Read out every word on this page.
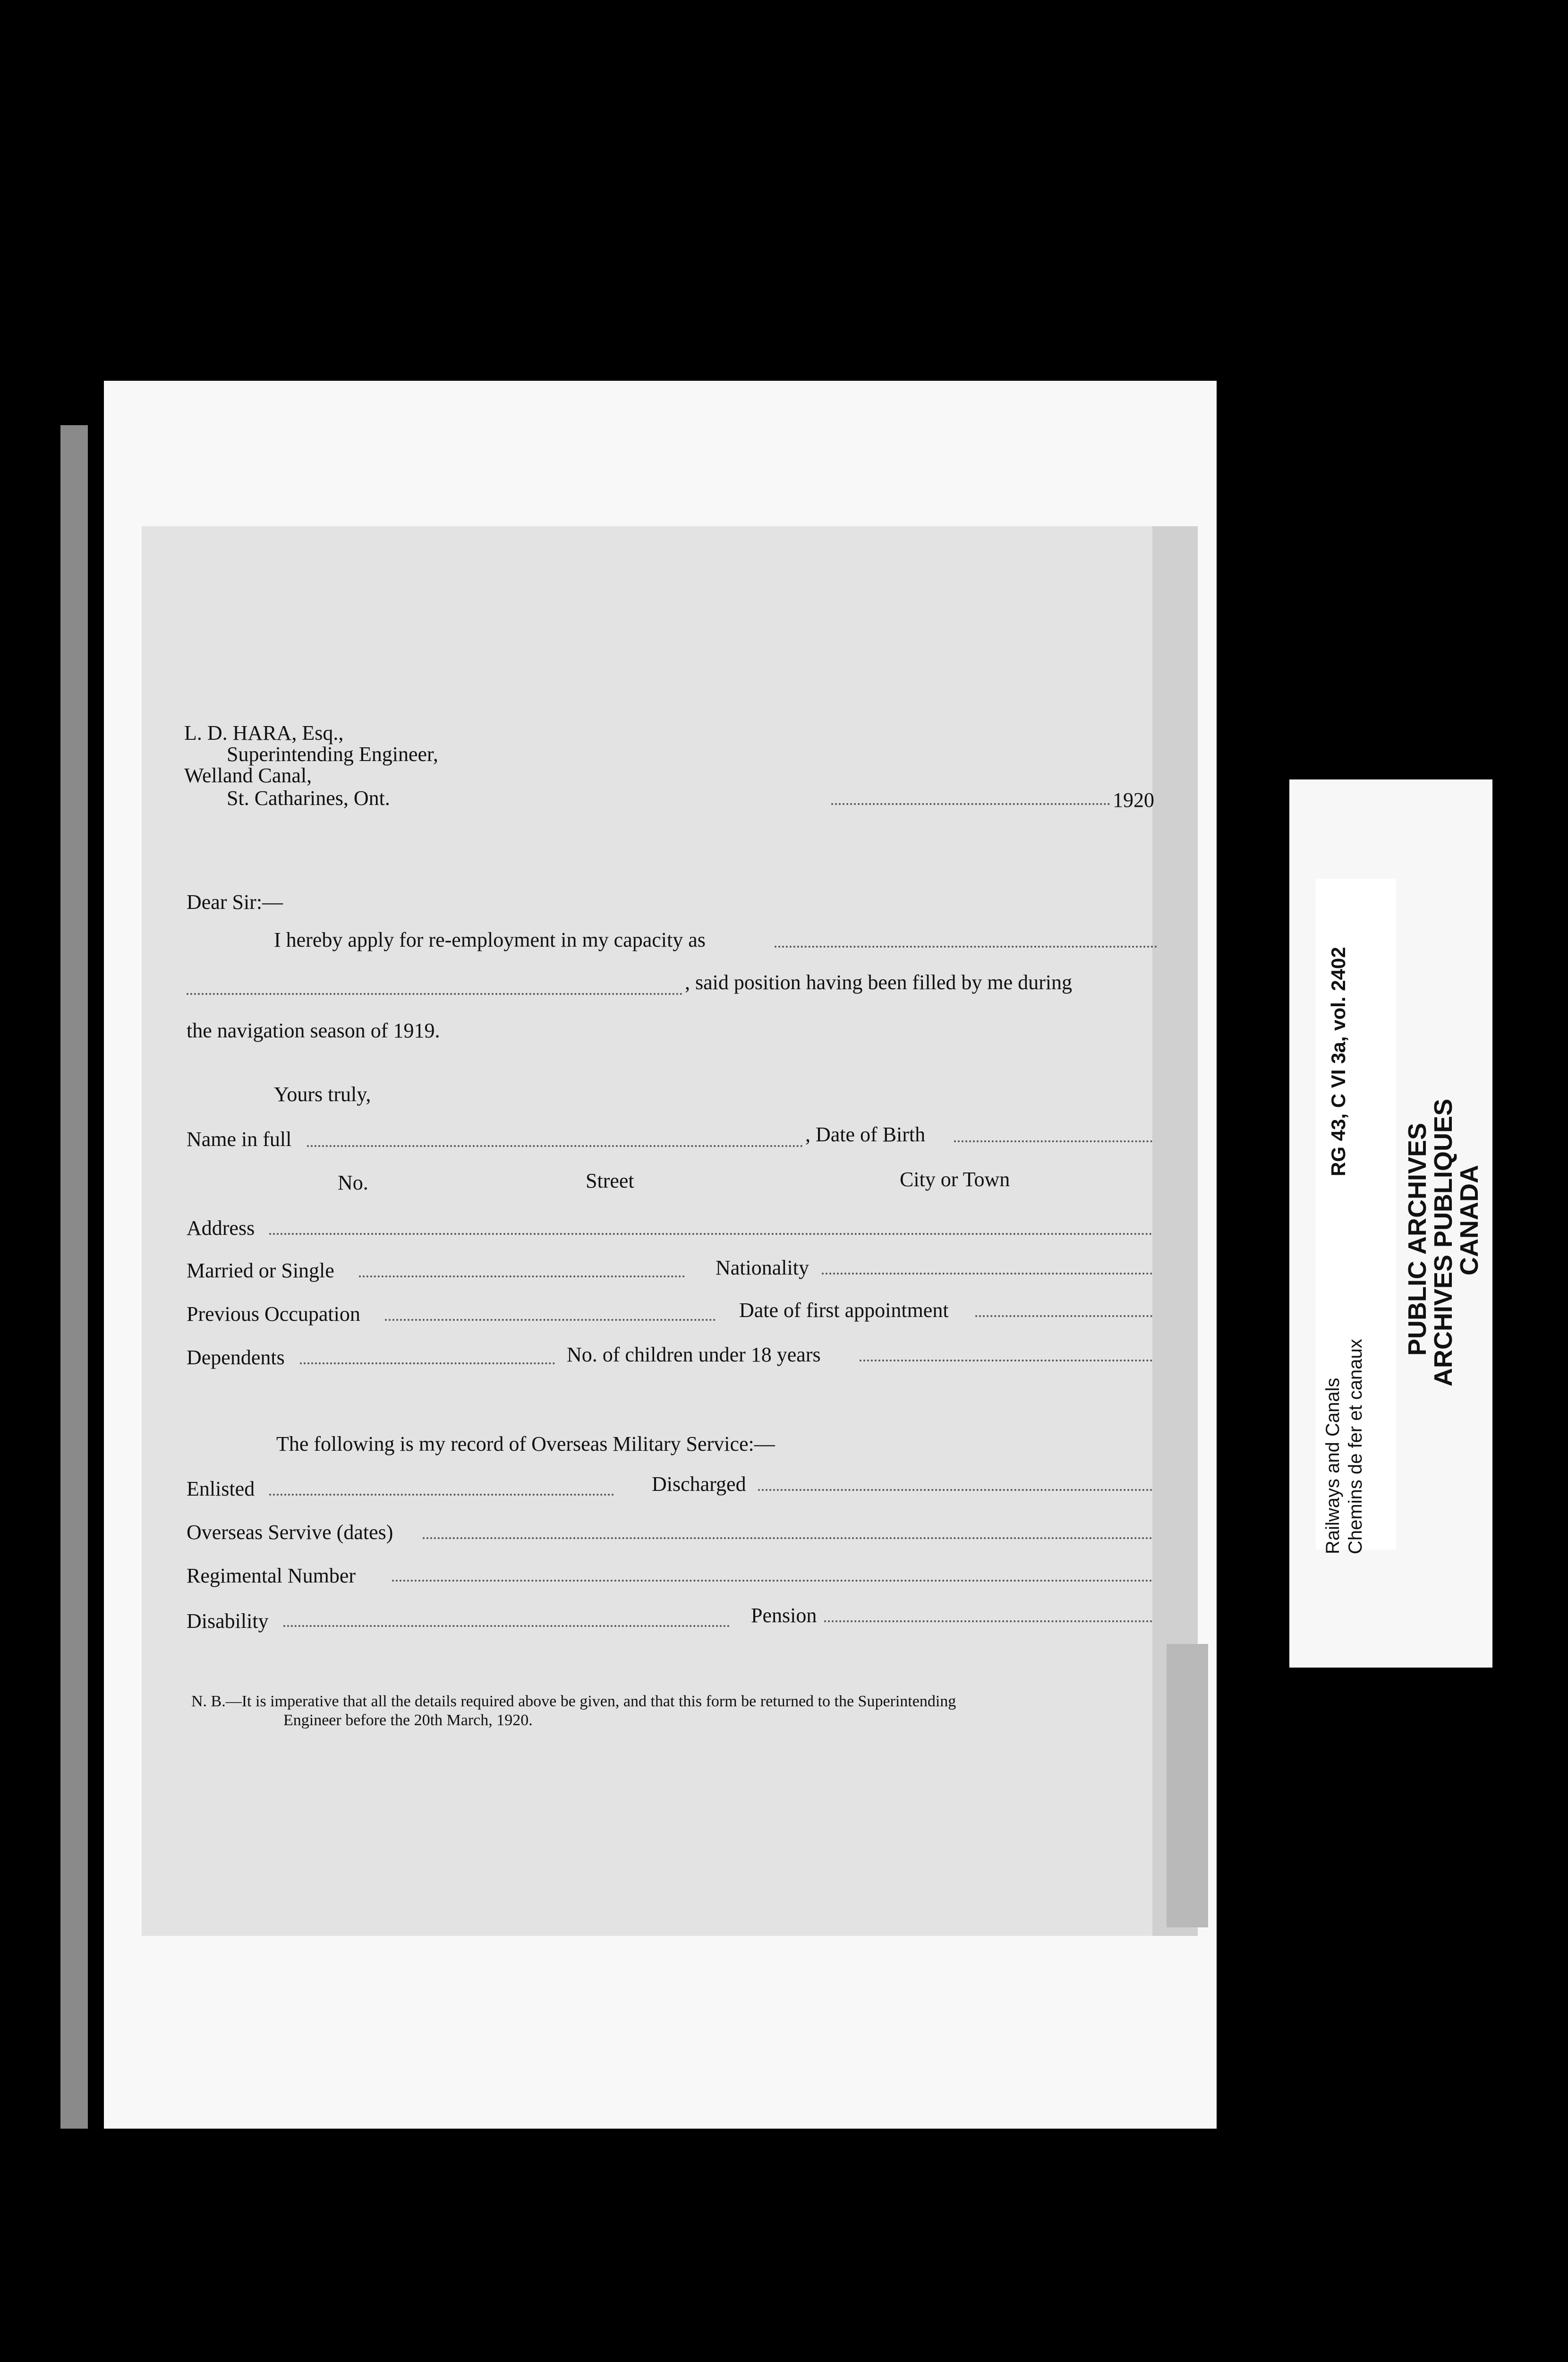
L. D. HARA, Esq.,
Superintending Engineer,
Welland Canal,
St. Catharines, Ont.	1920
Dear Sir:—
I hereby apply for re-employment in my capacity as
, said position having been filled by me during
the navigation season of 1919.
Yours truly,
Name in full	, Date of Birth
No.	Street	City or Town
Address
Married or Single	Nationality
Previous Occupation	Date of first appointment
Dependents	No. of children under 18 years
The following is my record of Overseas Military Service:—
Enlisted	Discharged
Overseas Servive (dates)
Regimental Number
Disability	Pension
N. B.—It is imperative that all the details required above be given, and that this form be returned to the Superintending
Engineer before the 20th March, 1920.
Railways and Canals Chemins de fer et canaux
RG 43, C VI 3a, vol. 2402
PUBLIC ARCHIVES
ARCHIVES PUBLIQUES
CANADA
